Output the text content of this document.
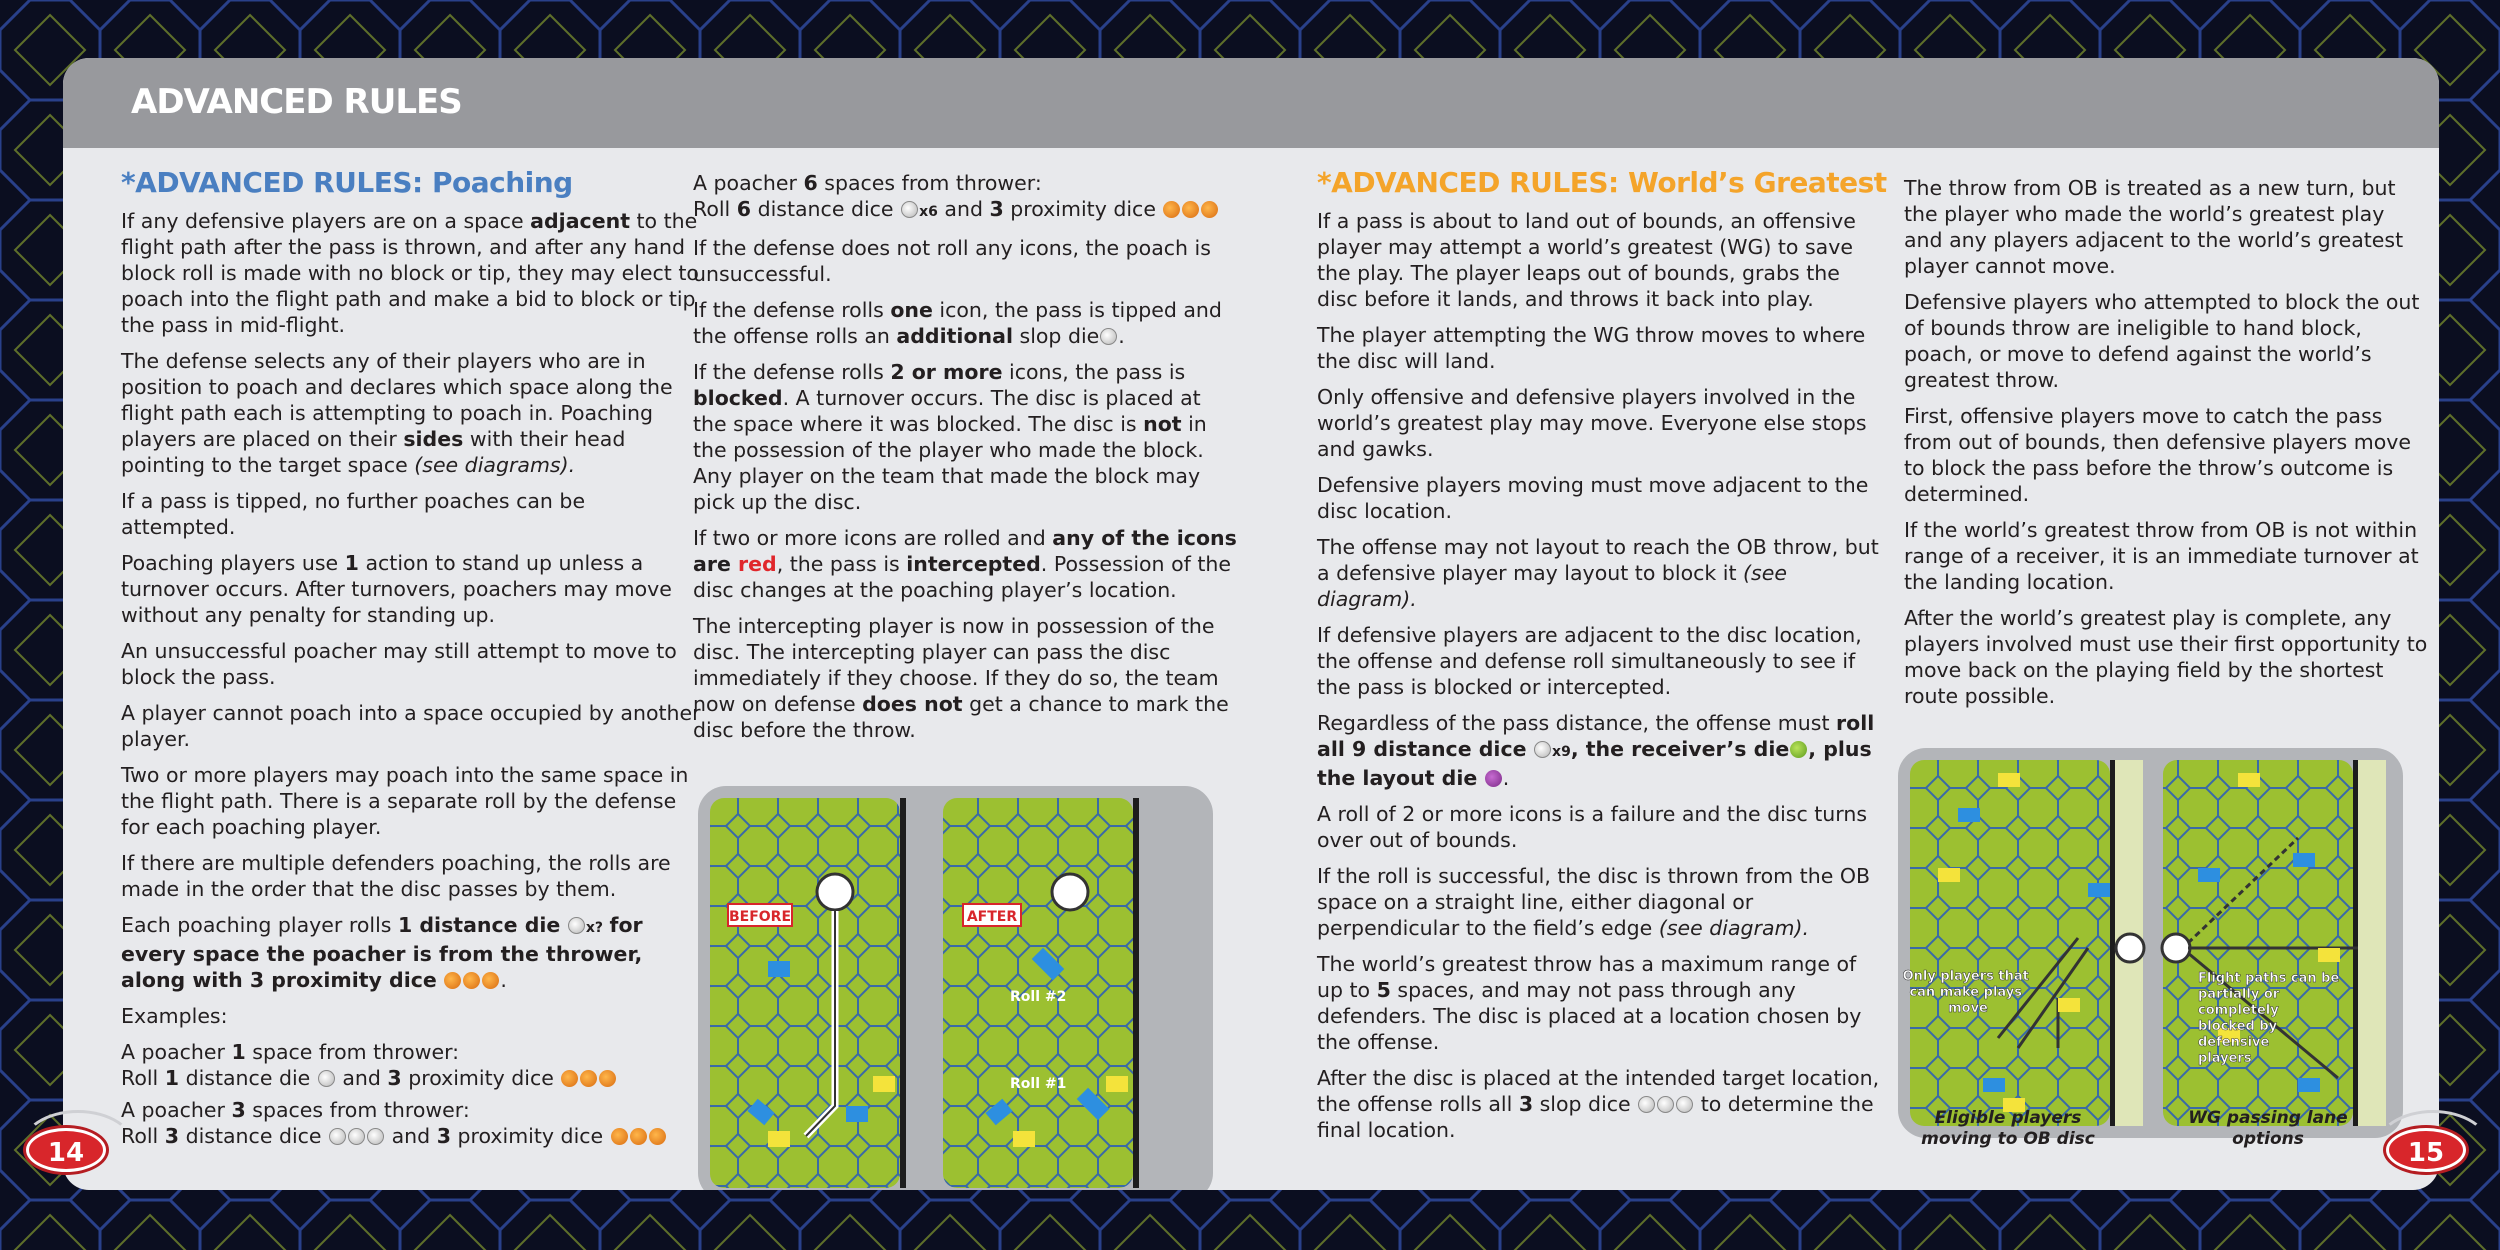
ADVANCED RULES
*ADVANCED RULES: Poaching

If any defensive players are on a space adjacent to the flight path after the pass is thrown, and after any hand block roll is made with no block or tip, they may elect to poach into the flight path and make a bid to block or tip the pass in mid-flight.

The defense selects any of their players who are in position to poach and declares which space along the flight path each is attempting to poach in. Poaching players are placed on their sides with their head pointing to the target space (see diagrams).

If a pass is tipped, no further poaches can be attempted.

Poaching players use 1 action to stand up unless a turnover occurs. After turnovers, poachers may move without any penalty for standing up.

An unsuccessful poacher may still attempt to move to block the pass.

A player cannot poach into a space occupied by another player.

Two or more players may poach into the same space in the flight path. There is a separate roll by the defense for each poaching player.

If there are multiple defenders poaching, the rolls are made in the order that the disc passes by them.

Each poaching player rolls 1 distance die x? for every space the poacher is from the thrower, along with 3 proximity dice	.

Examples:

A poacher 1 space from thrower:
Roll 1 distance die and 3 proximity dice

A poacher 3 spaces from thrower:
Roll 3 distance dice	and 3 proximity dice

A poacher 6 spaces from thrower:
Roll 6 distance dice x6 and 3 proximity dice

If the defense does not roll any icons, the poach is unsuccessful.

If the defense rolls one icon, the pass is tipped and the offense rolls an additional slop die .

If the defense rolls 2 or more icons, the pass is blocked. A turnover occurs. The disc is placed at the space where it was blocked. The disc is not in the possession of the player who made the block. Any player on the team that made the block may pick up the disc.

If two or more icons are rolled and any of the icons are red, the pass is intercepted. Possession of the disc changes at the poaching player’s location.

The intercepting player is now in possession of the disc. The intercepting player can pass the disc immediately if they choose. If they do so, the team now on defense does not get a chance to mark the disc before the throw.

BEFORE	AFTER
Roll #2
Roll #1
*ADVANCED RULES: World’s Greatest

If a pass is about to land out of bounds, an offensive player may attempt a world’s greatest (WG) to save the play. The player leaps out of bounds, grabs the disc before it lands, and throws it back into play.

The player attempting the WG throw moves to where the disc will land.

Only offensive and defensive players involved in the world’s greatest play may move. Everyone else stops and gawks.

Defensive players moving must move adjacent to the disc location.

The offense may not layout to reach the OB throw, but a defensive player may layout to block it (see diagram).

If defensive players are adjacent to the disc location, the offense and defense roll simultaneously to see if the pass is blocked or intercepted.

Regardless of the pass distance, the offense must roll all 9 distance dice x9, the receiver’s die , plus the layout die .

A roll of 2 or more icons is a failure and the disc turns over out of bounds.

If the roll is successful, the disc is thrown from the OB space on a straight line, either diagonal or perpendicular to the field’s edge (see diagram).

The world’s greatest throw has a maximum range of up to 5 spaces, and may not pass through any defenders. The disc is placed at a location chosen by the offense.

After the disc is placed at the intended target location, the offense rolls all 3 slop dice	to determine the final location.

The throw from OB is treated as a new turn, but the player who made the world’s greatest play and any players adjacent to the world’s greatest player cannot move.

Defensive players who attempted to block the out of bounds throw are ineligible to hand block, poach, or move to defend against the world’s greatest throw.

First, offensive players move to catch the pass from out of bounds, then defensive players move to block the pass before the throw’s outcome is determined.

If the world’s greatest throw from OB is not within range of a receiver, it is an immediate turnover at the landing location.

After the world’s greatest play is complete, any players involved must use their first opportunity to move back on the playing field by the shortest route possible.

Only players that can make plays move
Flight paths can be partially or completely blocked by defensive players
Eligible players moving to OB disc
WG passing lane options
14	15
